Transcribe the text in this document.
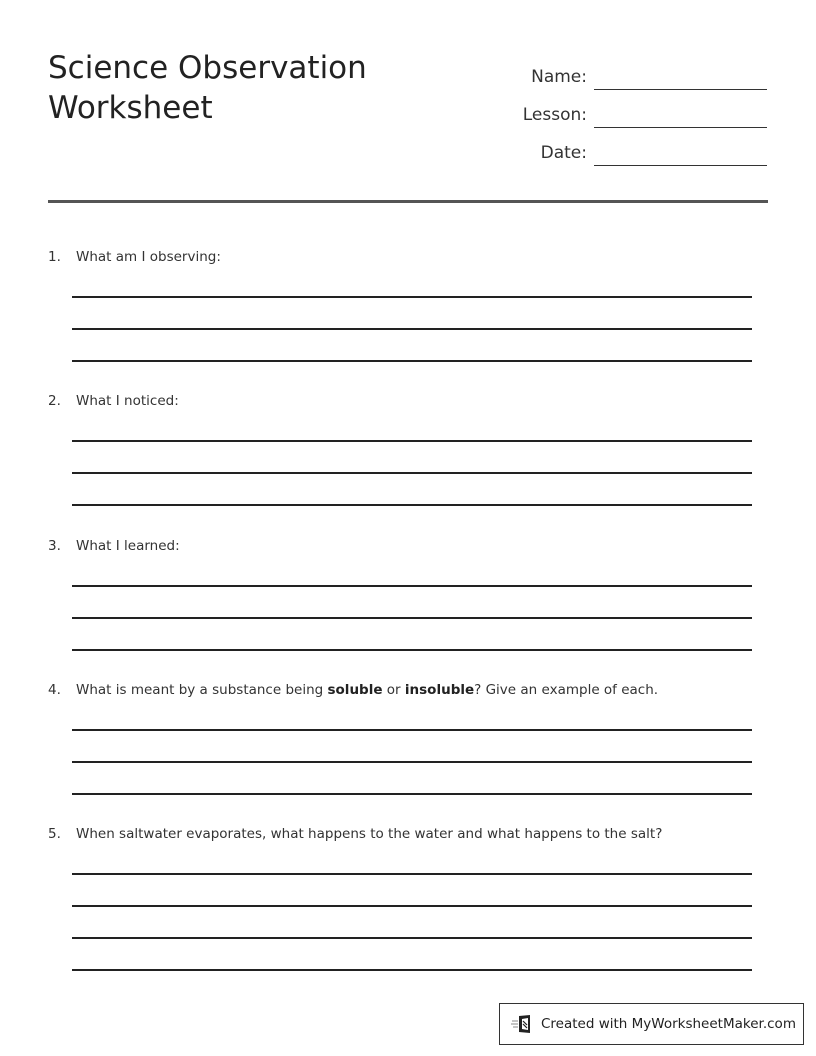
Science Observation
Worksheet
Name:
Lesson:
Date:
1. What am I observing:
2. What I noticed:
3. What I learned:
4. What is meant by a substance being soluble or insoluble? Give an example of each.
5. When saltwater evaporates, what happens to the water and what happens to the salt?
Created with MyWorksheetMaker.com
